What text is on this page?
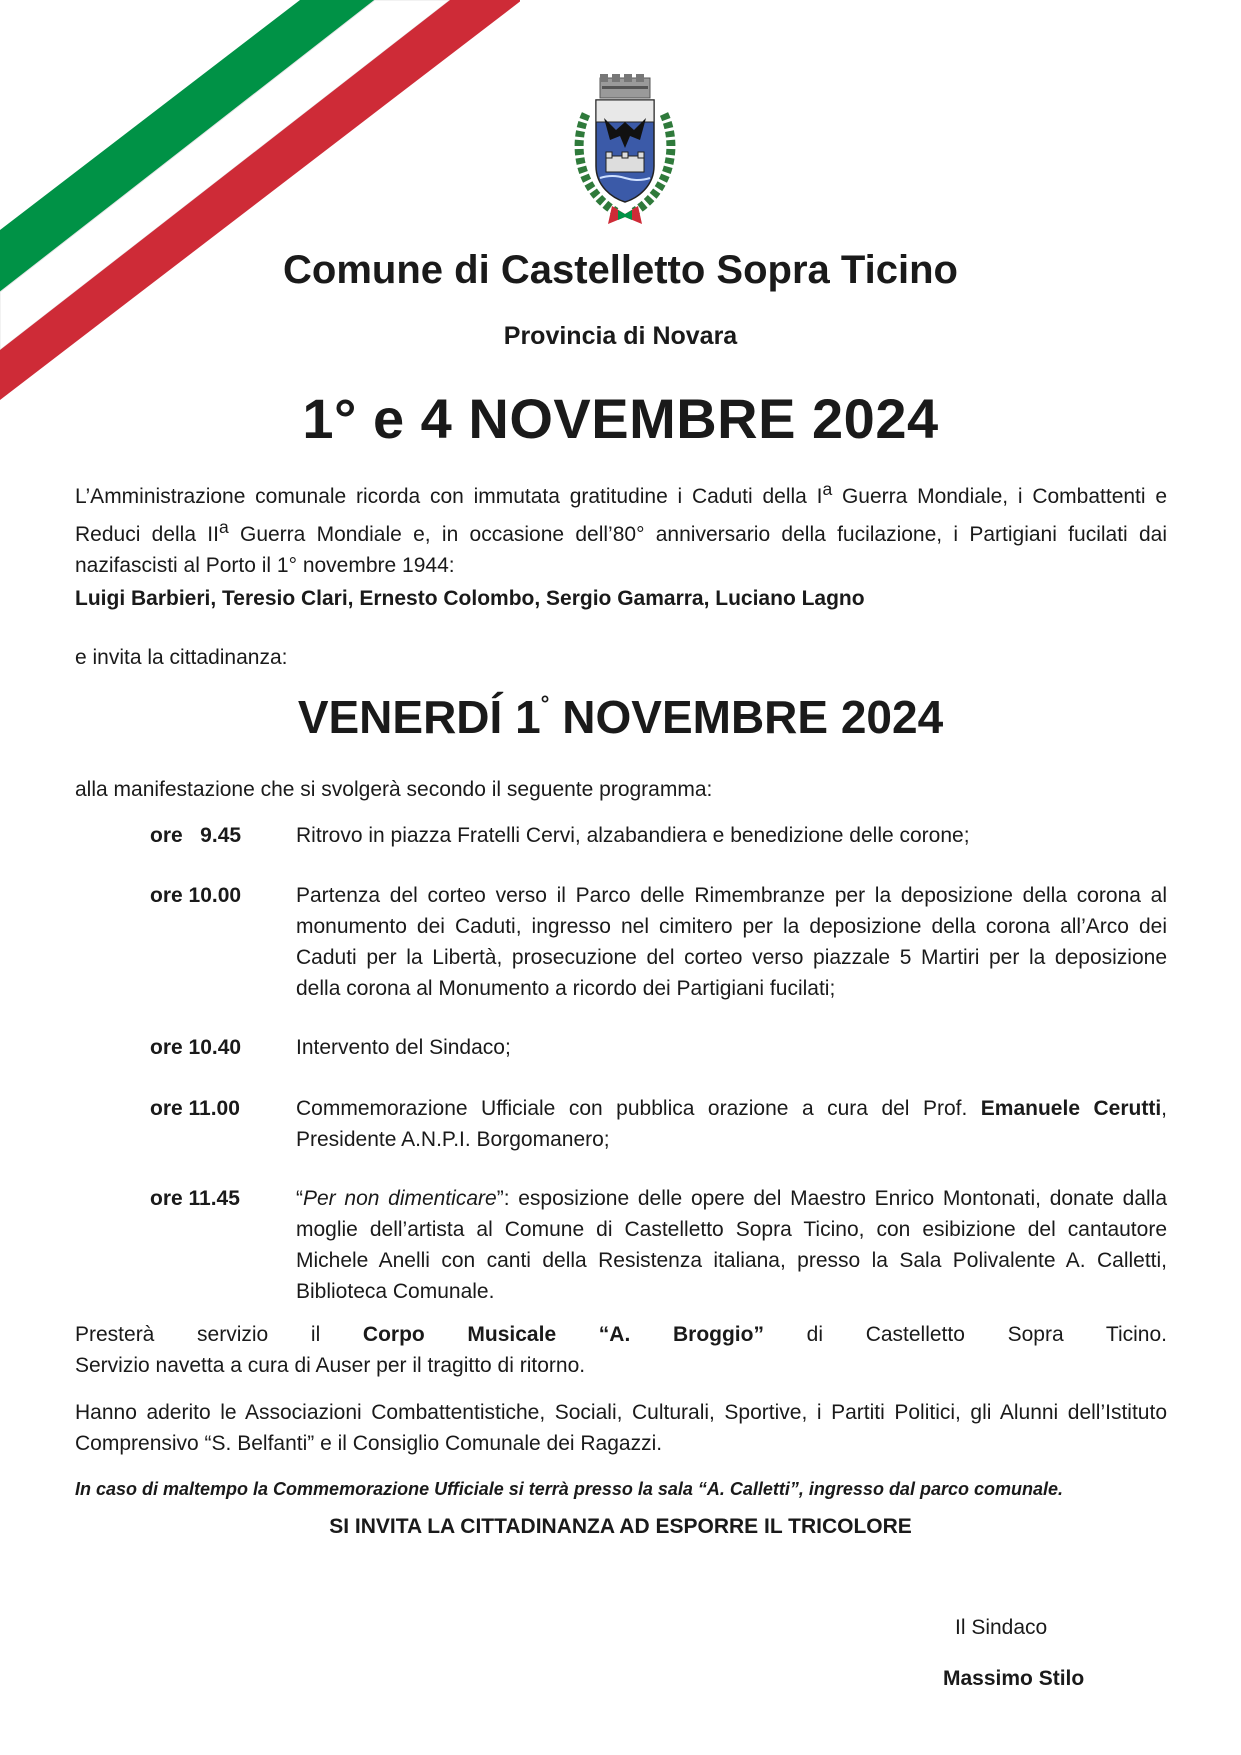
Comune di Castelletto Sopra Ticino
Provincia di Novara
1° e 4 NOVEMBRE 2024
L’Amministrazione comunale ricorda con immutata gratitudine i Caduti della $I^a$ Guerra Mondiale, i Combattenti e Reduci della $II^a$ Guerra Mondiale e, in occasione dell’80° anniversario della fucilazione, i Partigiani fucilati dai nazifascisti al Porto il 1° novembre 1944:
Luigi Barbieri, Teresio Clari, Ernesto Colombo, Sergio Gamarra, Luciano Lagno
e invita la cittadinanza:
VENERDÍ 1° NOVEMBRE 2024
alla manifestazione che si svolgerà secondo il seguente programma:
ore   9.45	Ritrovo in piazza Fratelli Cervi, alzabandiera e benedizione delle corone;
ore 10.00	Partenza del corteo verso il Parco delle Rimembranze per la deposizione della corona al monumento dei Caduti, ingresso nel cimitero per la deposizione della corona all’Arco dei Caduti per la Libertà, prosecuzione del corteo verso piazzale 5 Martiri per la deposizione della corona al Monumento a ricordo dei Partigiani fucilati;
ore 10.40	Intervento del Sindaco;
ore 11.00	Commemorazione Ufficiale con pubblica orazione a cura del Prof. Emanuele Cerutti, Presidente A.N.P.I. Borgomanero;
ore 11.45	“Per non dimenticare”: esposizione delle opere del Maestro Enrico Montonati, donate dalla moglie dell’artista al Comune di Castelletto Sopra Ticino, con esibizione del cantautore Michele Anelli con canti della Resistenza italiana, presso la Sala Polivalente A. Calletti, Biblioteca Comunale.
Presterà servizio il Corpo Musicale “A. Broggio” di Castelletto Sopra Ticino.
Servizio navetta a cura di Auser per il tragitto di ritorno.
Hanno aderito le Associazioni Combattentistiche, Sociali, Culturali, Sportive, i Partiti Politici, gli Alunni dell’Istituto Comprensivo “S. Belfanti” e il Consiglio Comunale dei Ragazzi.
In caso di maltempo la Commemorazione Ufficiale si terrà presso la sala “A. Calletti”, ingresso dal parco comunale.
SI INVITA LA CITTADINANZA AD ESPORRE IL TRICOLORE
Il Sindaco
Massimo Stilo
